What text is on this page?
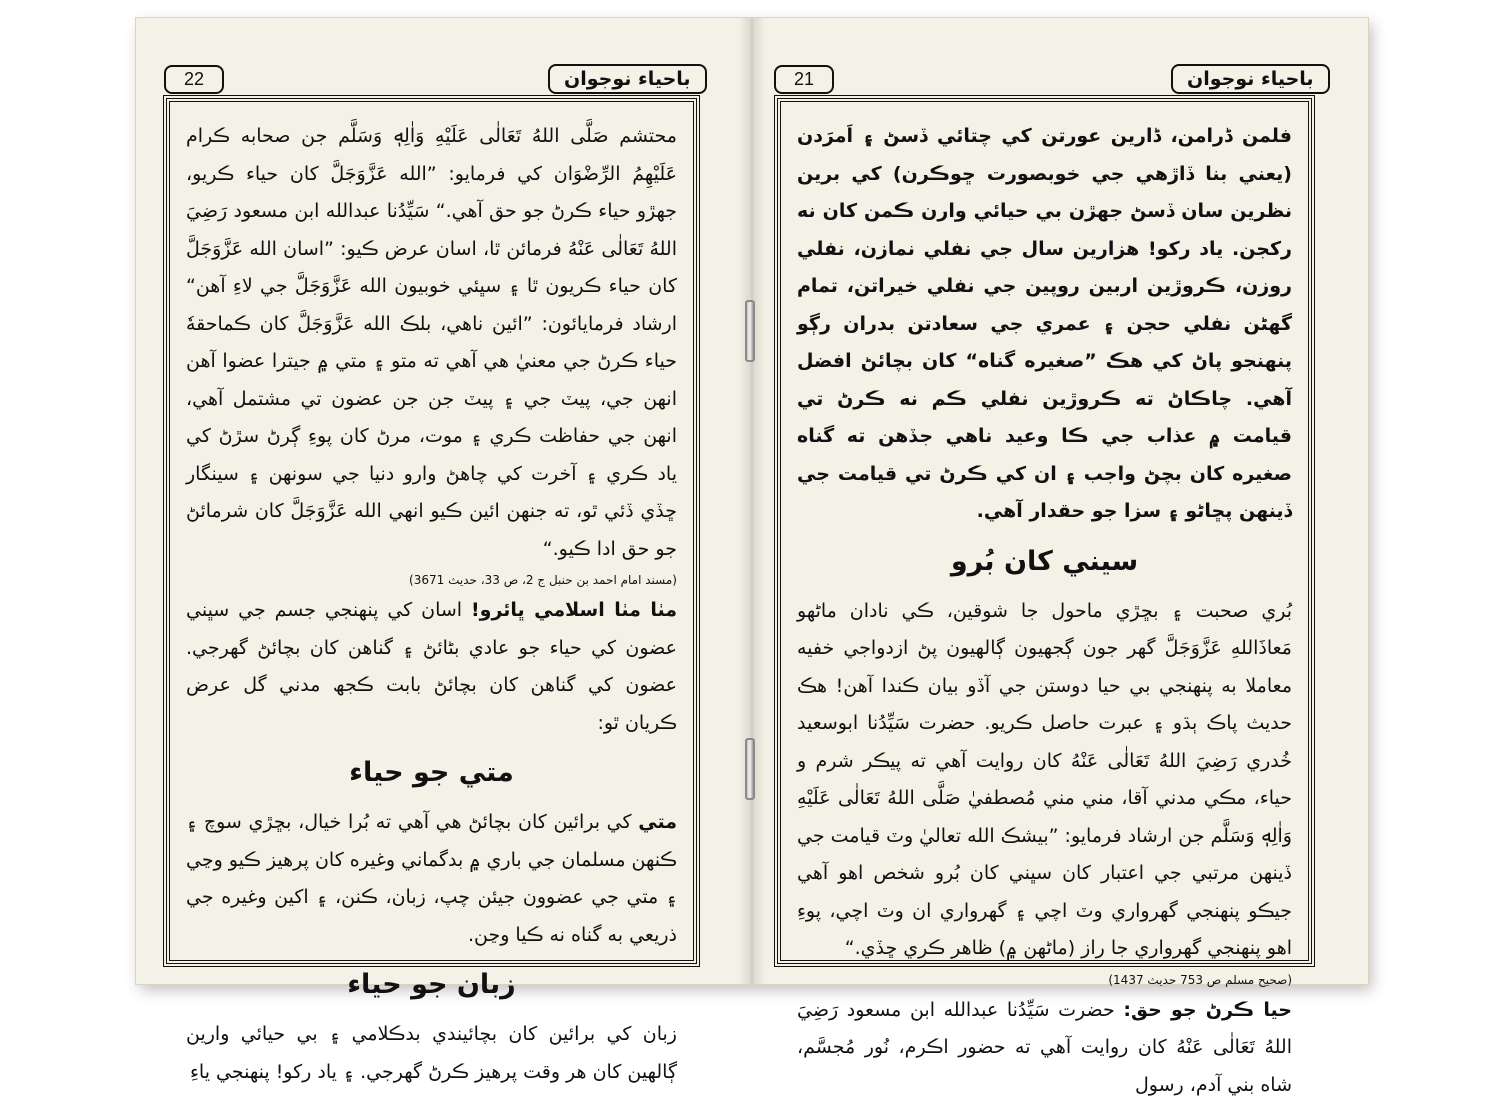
22	باحياء نوجوان

محتشم صَلَّى اللهُ تَعَالٰى عَلَيْهِ وَاٰلِهٖ وَسَلَّم جن صحابه ڪرام عَلَيْهِمُ الرِّضْوَان کي فرمايو: ”الله عَزَّوَجَلَّ کان حياء ڪريو، جهڙو حياء ڪرڻ جو حق آهي.“ سَيِّدُنا عبدالله ابن مسعود رَضِيَ اللهُ تَعَالٰى عَنْهُ فرمائن ٿا، اسان عرض ڪيو: ”اسان الله عَزَّوَجَلَّ کان حياء ڪريون ٿا ۽ سڀئي خوبيون الله عَزَّوَجَلَّ جي لاءِ آهن“ ارشاد فرمايائون: ”ائين ناهي، بلڪ الله عَزَّوَجَلَّ کان ڪماحقهٗ حياء ڪرڻ جي معنيٰ هي آهي ته متو ۽ متي ۾ جيترا عضوا آهن انهن جي، پيٽ جي ۽ پيٽ جن جن عضون تي مشتمل آهي، انهن جي حفاظت ڪري ۽ موت، مرڻ کان پوءِ ڳرڻ سڙڻ کي ياد ڪري ۽ آخرت کي چاهڻ وارو دنيا جي سونهن ۽ سينگار ڇڏي ڏئي ٿو، ته جنهن ائين ڪيو انهي الله عَزَّوَجَلَّ کان شرمائڻ جو حق ادا ڪيو.“

(مسند امام احمد بن حنبل ج 2، ص 33، حديث 3671)

مٺا مٺا اسلامي ڀائرو! اسان کي پنهنجي جسم جي سڀني عضون کي حياء جو عادي بڻائڻ ۽ گناهن کان بچائڻ گهرجي. عضون کي گناهن کان بچائڻ بابت ڪجھ مدني گل عرض ڪريان ٿو:

متي جو حياء

متي کي برائين کان بچائڻ هي آهي ته بُرا خيال، بڇڙي سوچ ۽ ڪنهن مسلمان جي باري ۾ بدگماني وغيره کان پرهيز ڪيو وڃي ۽ متي جي عضوون جيئن چپ، زبان، ڪنن، ۽ اکين وغيره جي ذريعي به گناه نه ڪيا وڃن.

زبان جو حياء

زبان کي برائين کان بچائيندي بدڪلامي ۽ بي حيائي وارين ڳالهين کان هر وقت پرهيز ڪرڻ گهرجي. ۽ ياد رکو! پنهنجي ياءِ

21	باحياء نوجوان

فلمن ڈرامن، ڈارين عورتن کي چتائي ڏسڻ ۽ اَمرَدن (يعني بنا ڏاڙهي جي خوبصورت ڇوڪرن) کي برين نظرين سان ڏسڻ جهڙن بي حيائي وارن ڪمن کان نه رکجن. ياد رکو! هزارين سال جي نفلي نمازن، نفلي روزن، ڪروڙين اربين روپين جي نفلي خيراتن، تمام گهڻن نفلي حجن ۽ عمري جي سعادتن بدران رڳو پنهنجو پاڻ کي هڪ ”صغيره گناه“ کان بچائڻ افضل آهي. چاڪاڻ ته ڪروڙين نفلي ڪم نه ڪرڻ تي قيامت ۾ عذاب جي ڪا وعيد ناهي جڏهن ته گناه صغيره کان بچڻ واجب ۽ ان کي ڪرڻ تي قيامت جي ڏينهن پڇاڻو ۽ سزا جو حقدار آهي.

سيني کان بُرو

بُري صحبت ۽ بڇڙي ماحول جا شوقين، ڪي نادان ماڻهو مَعاذَاللهِ عَزَّوَجَلَّ گهر جون ڳجهيون ڳالهيون پڻ ازدواجي خفيه معاملا به پنهنجي بي حيا دوستن جي آڏو بيان ڪندا آهن! هڪ حديث پاڪ ٻڌو ۽ عبرت حاصل ڪريو. حضرت سَيِّدُنا ابوسعيد خُدري رَضِيَ اللهُ تَعَالٰى عَنْهُ کان روايت آهي ته پيڪر شرم و حياء، مڪي مدني آقا، مني مني مُصطفيٰ صَلَّى اللهُ تَعَالٰى عَلَيْهِ وَاٰلِهٖ وَسَلَّم جن ارشاد فرمايو: ”بيشڪ الله تعاليٰ وٽ قيامت جي ڏينهن مرتبي جي اعتبار کان سڀني کان بُرو شخص اهو آهي جيڪو پنهنجي گهرواري وٽ اچي ۽ گهرواري ان وٽ اچي، پوءِ اهو پنهنجي گهرواري جا راز (ماڻهن ۾) ظاهر ڪري ڇڏي.“

(صحيح مسلم ص 753 حديث 1437)

حيا ڪرڻ جو حق: حضرت سَيِّدُنا عبدالله ابن مسعود رَضِيَ اللهُ تَعَالٰى عَنْهُ کان روايت آهي ته حضور اڪرم، نُور مُجسَّم، شاه بني آدم، رسول
